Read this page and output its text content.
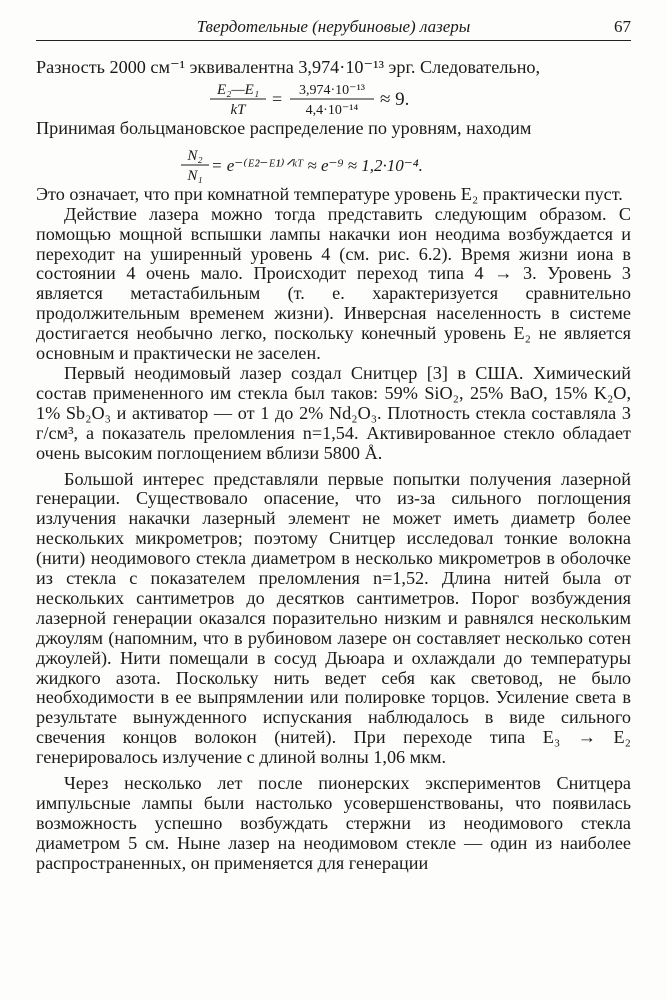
Твердотельные (нерубиновые) лазеры	67

Разность 2000 см⁻¹ эквивалентна 3,974·10⁻¹³ эрг. Следовательно,

E₂—E₁
kT
= 3,974·10⁻¹³
4,4·10⁻¹⁴
≈ 9.

Принимая больцмановское распределение по уровням, находим

N₂
N₁
= e⁻⁽ᴱ²⁻ᴱ¹⁾ᐟᵏᵀ ≈ e⁻⁹ ≈ 1,2·10⁻⁴.

Это означает, что при комнатной температуре уровень E₂ практически пуст.

Действие лазера можно тогда представить следующим образом. С помощью мощной вспышки лампы накачки ион неодима возбуждается и переходит на уширенный уровень 4 (см. рис. 6.2). Время жизни иона в состоянии 4 очень мало. Происходит переход типа 4 → 3. Уровень 3 является метастабильным (т. е. характеризуется сравнительно продолжительным временем жизни). Инверсная населенность в системе достигается необычно легко, поскольку конечный уровень E₂ не является основным и практически не заселен.

Первый неодимовый лазер создал Снитцер [3] в США. Химический состав примененного им стекла был таков: 59% SiO₂, 25% BaO, 15% K₂O, 1% Sb₂O₃ и активатор — от 1 до 2% Nd₂O₃. Плотность стекла составляла 3 г/см³, а показатель преломления n=1,54. Активированное стекло обладает очень высоким поглощением вблизи 5800 Å.

Большой интерес представляли первые попытки получения лазерной генерации. Существовало опасение, что из-за сильного поглощения излучения накачки лазерный элемент не может иметь диаметр более нескольких микрометров; поэтому Снитцер исследовал тонкие волокна (нити) неодимового стекла диаметром в несколько микрометров в оболочке из стекла с показателем преломления n=1,52. Длина нитей была от нескольких сантиметров до десятков сантиметров. Порог возбуждения лазерной генерации оказался поразительно низким и равнялся нескольким джоулям (напомним, что в рубиновом лазере он составляет несколько сотен джоулей). Нити помещали в сосуд Дьюара и охлаждали до температуры жидкого азота. Поскольку нить ведет себя как световод, не было необходимости в ее выпрямлении или полировке торцов. Усиление света в результате вынужденного испускания наблюдалось в виде сильного свечения концов волокон (нитей). При переходе типа E₃ → E₂ генерировалось излучение с длиной волны 1,06 мкм.

Через несколько лет после пионерских экспериментов Снитцера импульсные лампы были настолько усовершенствованы, что появилась возможность успешно возбуждать стержни из неодимового стекла диаметром 5 см. Ныне лазер на неодимовом стекле — один из наиболее распространенных, он применяется для генерации
